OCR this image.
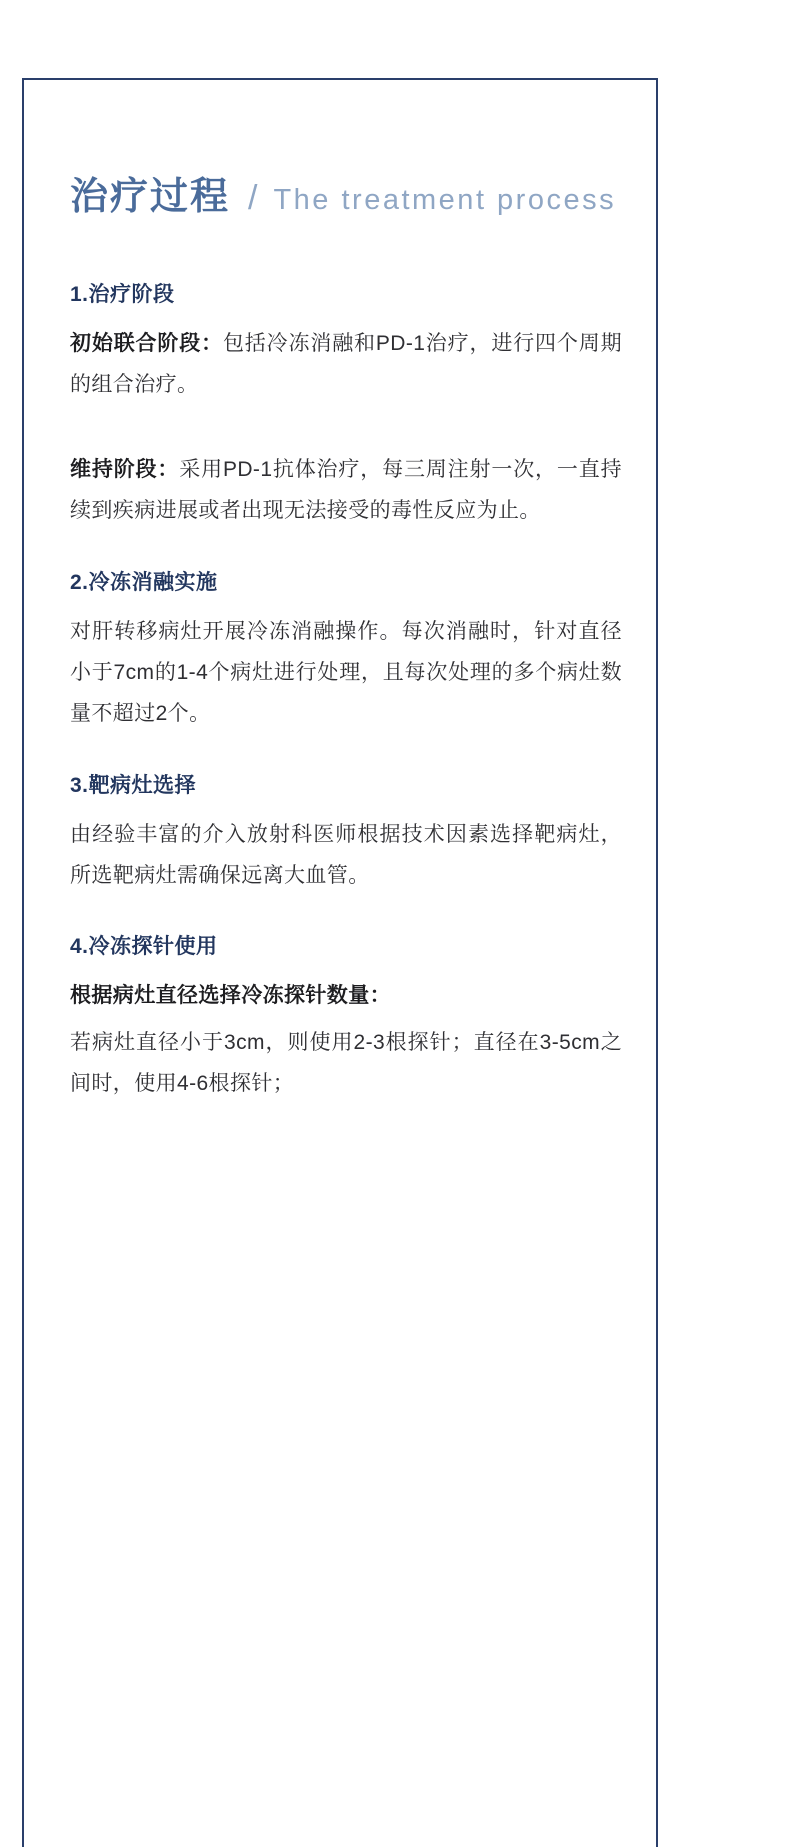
治疗过程 / The treatment process
1.治疗阶段

初始联合阶段：包括冷冻消融和PD-1治疗，进行四个周期的组合治疗。

维持阶段：采用PD-1抗体治疗，每三周注射一次，一直持续到疾病进展或者出现无法接受的毒性反应为止。

2.冷冻消融实施

对肝转移病灶开展冷冻消融操作。每次消融时，针对直径小于7cm的1-4个病灶进行处理，且每次处理的多个病灶数量不超过2个。

3.靶病灶选择

由经验丰富的介入放射科医师根据技术因素选择靶病灶，所选靶病灶需确保远离大血管。

4.冷冻探针使用

根据病灶直径选择冷冻探针数量：

若病灶直径小于3cm，则使用2-3根探针；直径在3-5cm之间时，使用4-6根探针；
